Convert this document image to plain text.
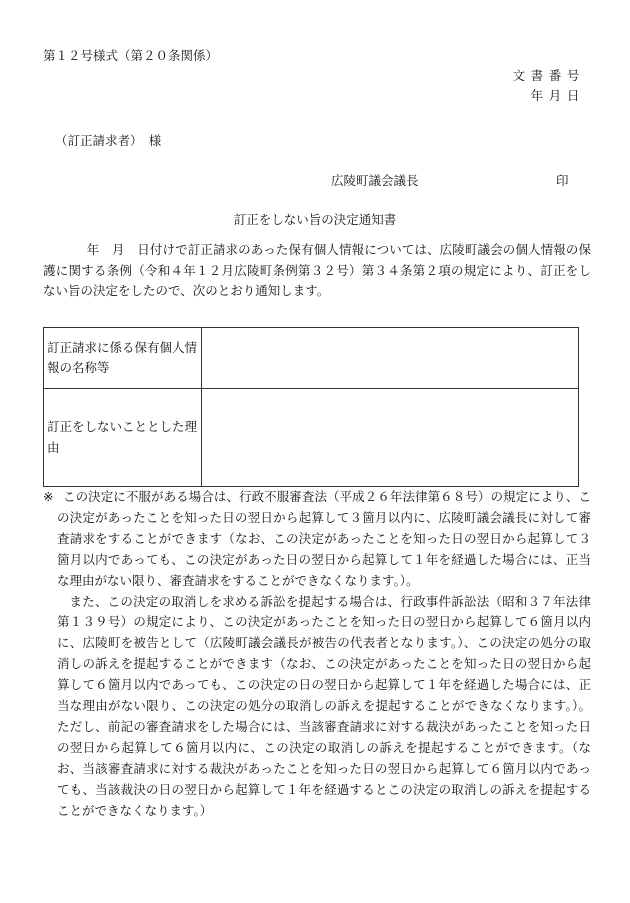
第１２号様式（第２０条関係）
文書番号
年月日
（訂正請求者）　様
広陵町議会議長	印
訂正をしない旨の決定通知書

年　月　日付けで訂正請求のあった保有個人情報については、広陵町議会の個人情報の保護に関する条例（令和４年１２月広陵町条例第３２号）第３４条第２項の規定により、訂正をしない旨の決定をしたので、次のとおり通知します。

訂正請求に係る保有個人情報の名称等	
訂正をしないこととした理由	

※ この決定に不服がある場合は、行政不服審査法（平成２６年法律第６８号）の規定により、この決定があったことを知った日の翌日から起算して３箇月以内に、広陵町議会議長に対して審査請求をすることができます（なお、この決定があったことを知った日の翌日から起算して３箇月以内であっても、この決定があった日の翌日から起算して１年を経過した場合には、正当な理由がない限り、審査請求をすることができなくなります。）。

また、この決定の取消しを求める訴訟を提起する場合は、行政事件訴訟法（昭和３７年法律第１３９号）の規定により、この決定があったことを知った日の翌日から起算して６箇月以内に、広陵町を被告として（広陵町議会議長が被告の代表者となります。）、この決定の処分の取消しの訴えを提起することができます（なお、この決定があったことを知った日の翌日から起算して６箇月以内であっても、この決定の日の翌日から起算して１年を経過した場合には、正当な理由がない限り、この決定の処分の取消しの訴えを提起することができなくなります。）。ただし、前記の審査請求をした場合には、当該審査請求に対する裁決があったことを知った日の翌日から起算して６箇月以内に、この決定の取消しの訴えを提起することができます。（なお、当該審査請求に対する裁決があったことを知った日の翌日から起算して６箇月以内であっても、当該裁決の日の翌日から起算して１年を経過するとこの決定の取消しの訴えを提起することができなくなります。）
